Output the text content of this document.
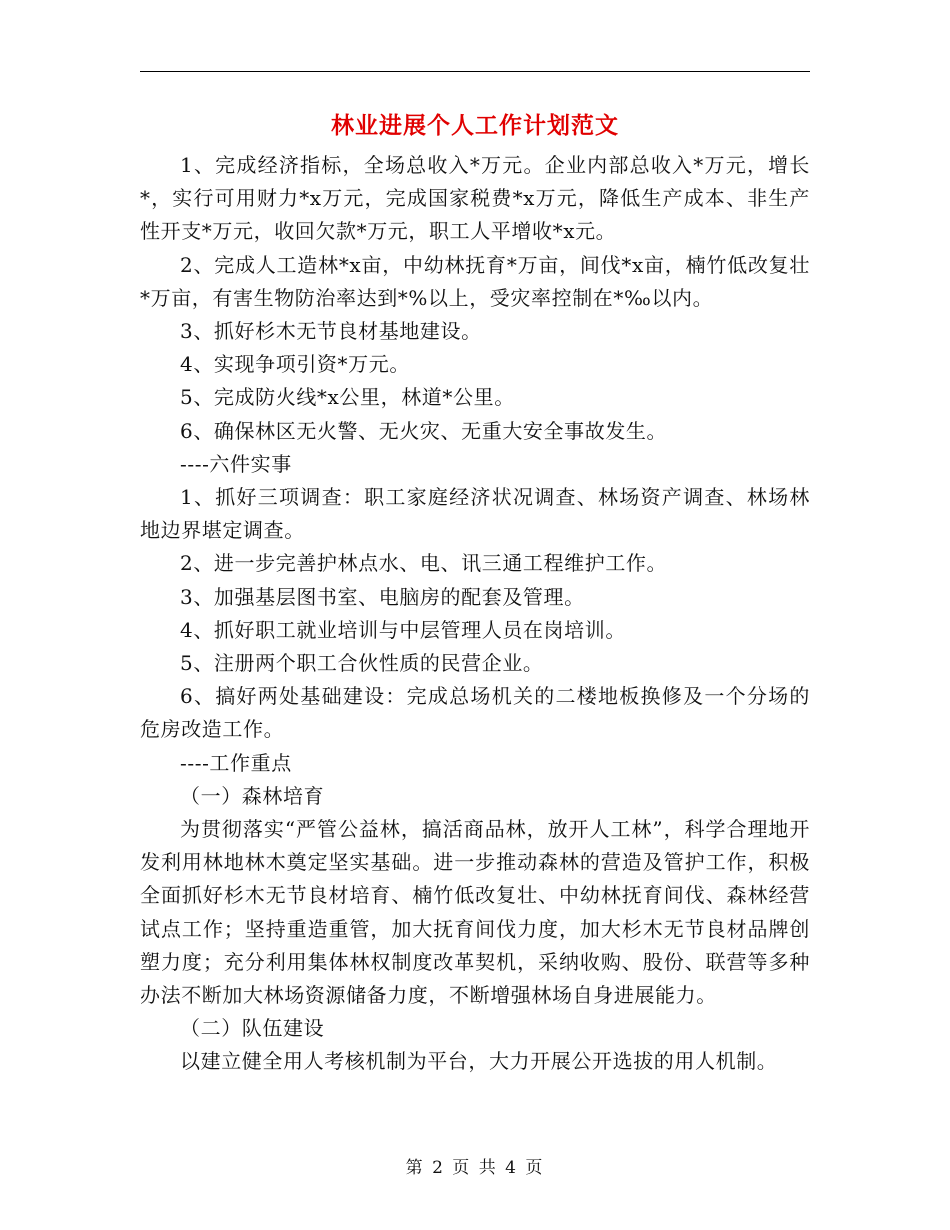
林业进展个人工作计划范文

1、完成经济指标，全场总收入*万元。企业内部总收入*万元，增长*，实行可用财力*x万元，完成国家税费*x万元，降低生产成本、非生产性开支*万元，收回欠款*万元，职工人平增收*x元。

2、完成人工造林*x亩，中幼林抚育*万亩，间伐*x亩，楠竹低改复壮*万亩，有害生物防治率达到*%以上，受灾率控制在*‰以内。

3、抓好杉木无节良材基地建设。

4、实现争项引资*万元。

5、完成防火线*x公里，林道*公里。

6、确保林区无火警、无火灾、无重大安全事故发生。

----六件实事

1、抓好三项调查：职工家庭经济状况调查、林场资产调查、林场林地边界堪定调查。

2、进一步完善护林点水、电、讯三通工程维护工作。

3、加强基层图书室、电脑房的配套及管理。

4、抓好职工就业培训与中层管理人员在岗培训。

5、注册两个职工合伙性质的民营企业。

6、搞好两处基础建设：完成总场机关的二楼地板换修及一个分场的危房改造工作。

----工作重点

（一）森林培育

为贯彻落实“严管公益林，搞活商品林，放开人工林”，科学合理地开发利用林地林木奠定坚实基础。进一步推动森林的营造及管护工作，积极全面抓好杉木无节良材培育、楠竹低改复壮、中幼林抚育间伐、森林经营试点工作；坚持重造重管，加大抚育间伐力度，加大杉木无节良材品牌创塑力度；充分利用集体林权制度改革契机，采纳收购、股份、联营等多种办法不断加大林场资源储备力度，不断增强林场自身进展能力。

（二）队伍建设

以建立健全用人考核机制为平台，大力开展公开选拔的用人机制。

第 2 页 共 4 页
